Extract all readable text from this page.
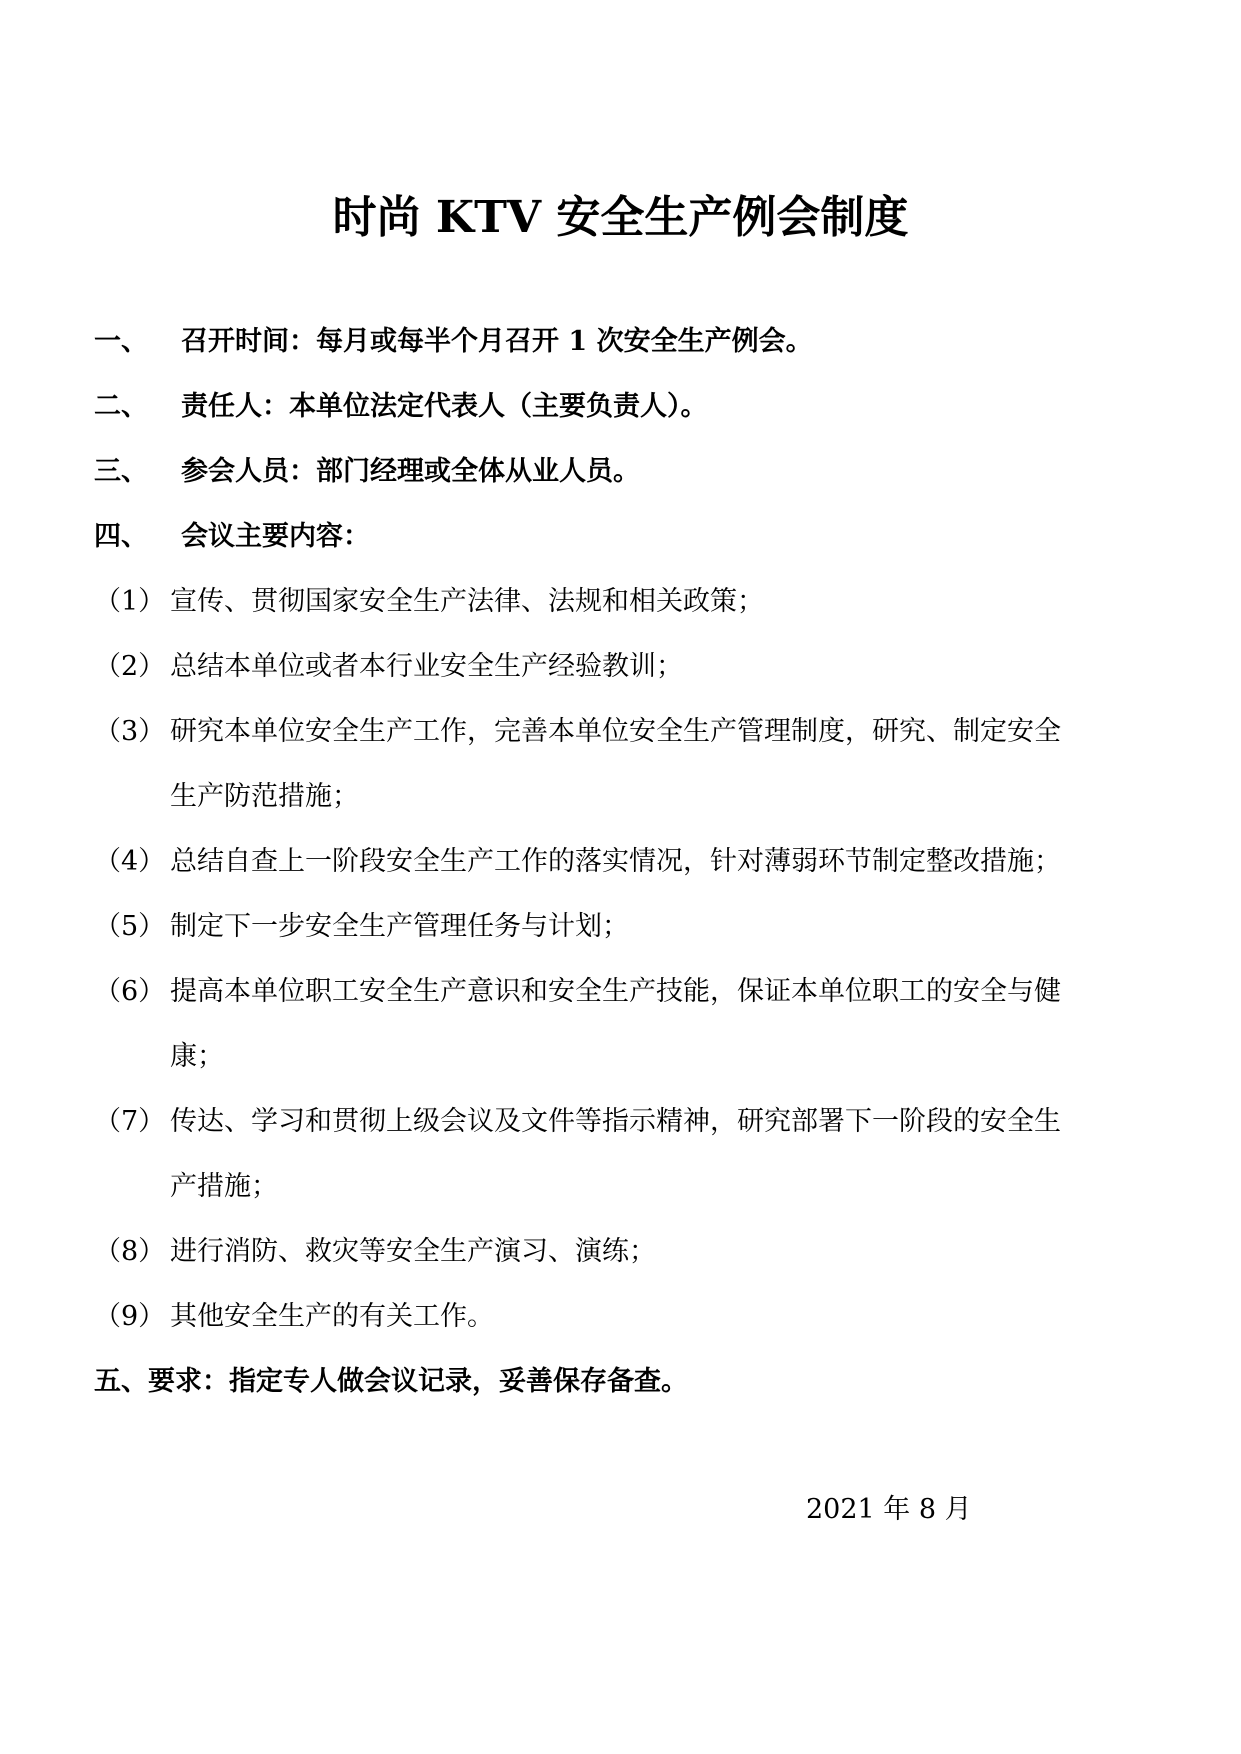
时尚 KTV 安全生产例会制度
一、 召开时间：每月或每半个月召开 1 次安全生产例会。
二、 责任人：本单位法定代表人（主要负责人）。
三、 参会人员：部门经理或全体从业人员。
四、 会议主要内容：
（1） 宣传、贯彻国家安全生产法律、法规和相关政策；
（2） 总结本单位或者本行业安全生产经验教训；
（3） 研究本单位安全生产工作，完善本单位安全生产管理制度，研究、制定安全
生产防范措施；
（4） 总结自查上一阶段安全生产工作的落实情况，针对薄弱环节制定整改措施；
（5） 制定下一步安全生产管理任务与计划；
（6） 提高本单位职工安全生产意识和安全生产技能，保证本单位职工的安全与健
康；
（7） 传达、学习和贯彻上级会议及文件等指示精神，研究部署下一阶段的安全生
产措施；
（8） 进行消防、救灾等安全生产演习、演练；
（9） 其他安全生产的有关工作。
五、要求：指定专人做会议记录，妥善保存备查。
2021 年 8 月
